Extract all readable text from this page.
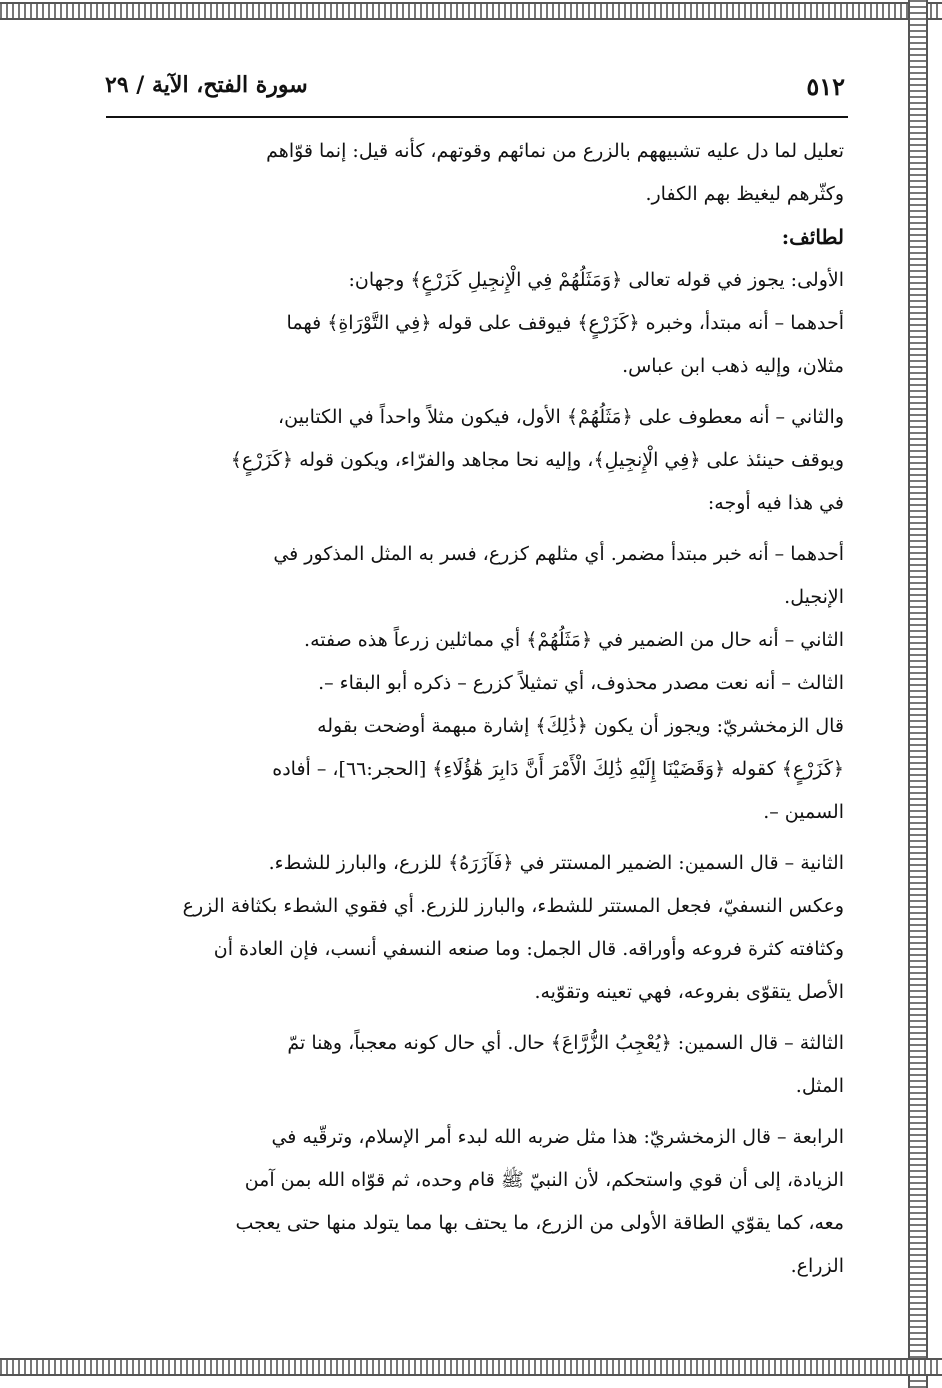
٥١٢
سورة الفتح، الآية / ٢٩
تعليل لما دل عليه تشبيههم بالزرع من نمائهم وقوتهم، كأنه قيل: إنما قوّاهم
وكثّرهم ليغيظ بهم الكفار.
لطائف:
الأولى: يجوز في قوله تعالى ﴿وَمَثَلُهُمْ فِي الْإِنجِيلِ كَزَرْعٍ﴾ وجهان:
أحدهما – أنه مبتدأ، وخبره ﴿كَزَرْعٍ﴾ فيوقف على قوله ﴿فِي التَّوْرَاةِ﴾ فهما
مثلان، وإليه ذهب ابن عباس.
والثاني – أنه معطوف على ﴿مَثَلُهُمْ﴾ الأول، فيكون مثلاً واحداً في الكتابين،
ويوقف حينئذ على ﴿فِي الْإِنجِيلِ﴾، وإليه نحا مجاهد والفرّاء، ويكون قوله ﴿كَزَرْعٍ﴾
في هذا فيه أوجه:
أحدهما – أنه خبر مبتدأ مضمر. أي مثلهم كزرع، فسر به المثل المذكور في
الإنجيل.
الثاني – أنه حال من الضمير في ﴿مَثَلُهُمْ﴾ أي مماثلين زرعاً هذه صفته.
الثالث – أنه نعت مصدر محذوف، أي تمثيلاً كزرع – ذكره أبو البقاء –.
قال الزمخشريّ: ويجوز أن يكون ﴿ذَٰلِكَ﴾ إشارة مبهمة أوضحت بقوله
﴿كَزَرْعٍ﴾ كقوله ﴿وَقَضَيْنَا إِلَيْهِ ذَٰلِكَ الْأَمْرَ أَنَّ دَابِرَ هَٰؤُلَاءِ﴾ [الحجر:٦٦]، – أفاده
السمين –.
الثانية – قال السمين: الضمير المستتر في ﴿فَآزَرَهُ﴾ للزرع، والبارز للشطء.
وعكس النسفيّ، فجعل المستتر للشطء، والبارز للزرع. أي فقوي الشطء بكثافة الزرع
وكثافته كثرة فروعه وأوراقه. قال الجمل: وما صنعه النسفي أنسب، فإن العادة أن
الأصل يتقوّى بفروعه، فهي تعينه وتقوّيه.
الثالثة – قال السمين: ﴿يُعْجِبُ الزُّرَّاعَ﴾ حال. أي حال كونه معجباً، وهنا تمّ
المثل.
الرابعة – قال الزمخشريّ: هذا مثل ضربه الله لبدء أمر الإسلام، وترقّيه في
الزيادة، إلى أن قوي واستحكم، لأن النبيّ ﷺ قام وحده، ثم قوّاه الله بمن آمن
معه، كما يقوّي الطاقة الأولى من الزرع، ما يحتف بها مما يتولد منها حتى يعجب
الزراع.
